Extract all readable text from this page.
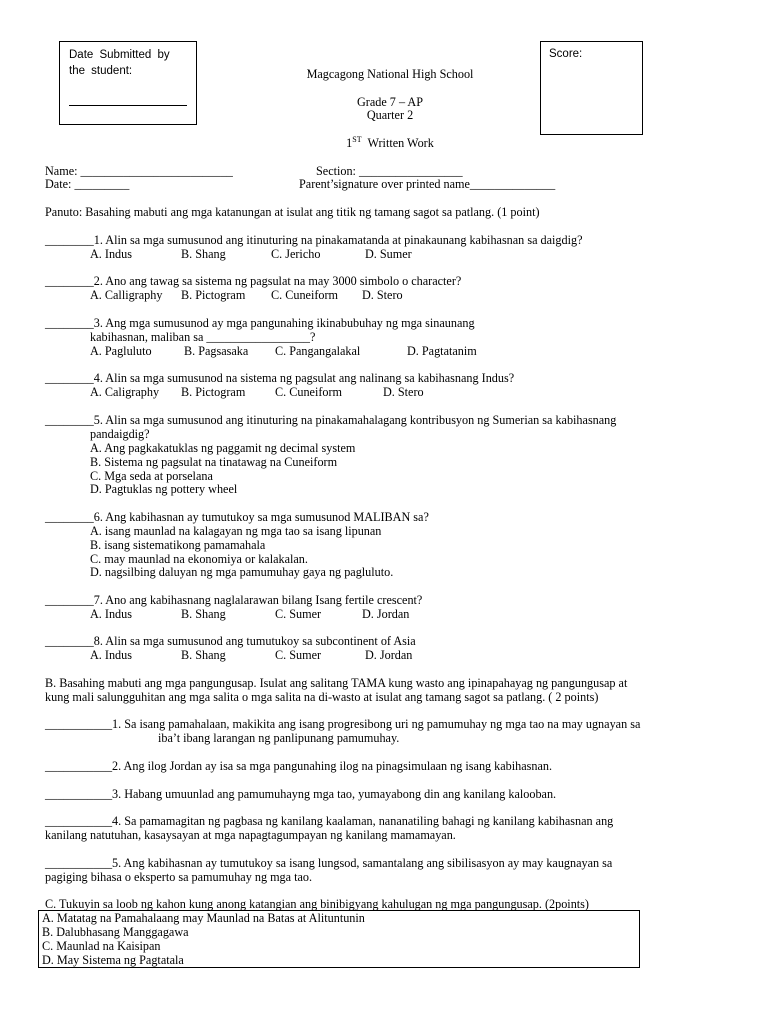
Date Submitted by the student:
Score:
Magcagong National High School
Grade 7 – AP
Quarter 2
1ST Written Work
Name: _________________________	Section: _________________
Date: _________	Parent’signature over printed name______________
Panuto: Basahing mabuti ang mga katanungan at isulat ang titik ng tamang sagot sa patlang. (1 point)
________1. Alin sa mga sumusunod ang itinuturing na pinakamatanda at pinakaunang kabihasnan sa daigdig?
A. Indus	B. Shang	C. Jericho	D. Sumer
________2. Ano ang tawag sa sistema ng pagsulat na may 3000 simbolo o character?
A. Calligraphy B. Pictogram C. Cuneiform D. Stero
________3. Ang mga sumusunod ay mga pangunahing ikinabubuhay ng mga sinaunang
kabihasnan, maliban sa _________________?
A. Pagluluto	B. Pagsasaka C. Pangangalakal	D. Pagtatanim
________4. Alin sa mga sumusunod na sistema ng pagsulat ang nalinang sa kabihasnang Indus?
A. Caligraphy B. Pictogram C. Cuneiform	D. Stero
________5. Alin sa mga sumusunod ang itinuturing na pinakamahalagang kontribusyon ng Sumerian sa kabihasnang
pandaigdig?
A. Ang pagkakatuklas ng paggamit ng decimal system
B. Sistema ng pagsulat na tinatawag na Cuneiform
C. Mga seda at porselana
D. Pagtuklas ng pottery wheel
________6. Ang kabihasnan ay tumutukoy sa mga sumusunod MALIBAN sa?
A. isang maunlad na kalagayan ng mga tao sa isang lipunan
B. isang sistematikong pamamahala
C. may maunlad na ekonomiya or kalakalan.
D. nagsilbing daluyan ng mga pamumuhay gaya ng pagluluto.
________7. Ano ang kabihasnang naglalarawan bilang Isang fertile crescent?
A. Indus	B. Shang	C. Sumer	D. Jordan
________8. Alin sa mga sumusunod ang tumutukoy sa subcontinent of Asia
A. Indus	B. Shang	C. Sumer	D. Jordan
B. Basahing mabuti ang mga pangungusap. Isulat ang salitang TAMA kung wasto ang ipinapahayag ng pangungusap at
kung mali salungguhitan ang mga salita o mga salita na di-wasto at isulat ang tamang sagot sa patlang. ( 2 points)
___________1. Sa isang pamahalaan, makikita ang isang progresibong uri ng pamumuhay ng mga tao na may ugnayan sa
iba’t ibang larangan ng panlipunang pamumuhay.
___________2. Ang ilog Jordan ay isa sa mga pangunahing ilog na pinagsimulaan ng isang kabihasnan.
___________3. Habang umuunlad ang pamumuhayng mga tao, yumayabong din ang kanilang kalooban.
___________4. Sa pamamagitan ng pagbasa ng kanilang kaalaman, nananatiling bahagi ng kanilang kabihasnan ang
kanilang natutuhan, kasaysayan at mga napagtagumpayan ng kanilang mamamayan.
___________5. Ang kabihasnan ay tumutukoy sa isang lungsod, samantalang ang sibilisasyon ay may kaugnayan sa
pagiging bihasa o eksperto sa pamumuhay ng mga tao.
C. Tukuyin sa loob ng kahon kung anong katangian ang binibigyang kahulugan ng mga pangungusap. (2points)
A. Matatag na Pamahalaang may Maunlad na Batas at Alituntunin
B. Dalubhasang Manggagawa
C. Maunlad na Kaisipan
D. May Sistema ng Pagtatala
